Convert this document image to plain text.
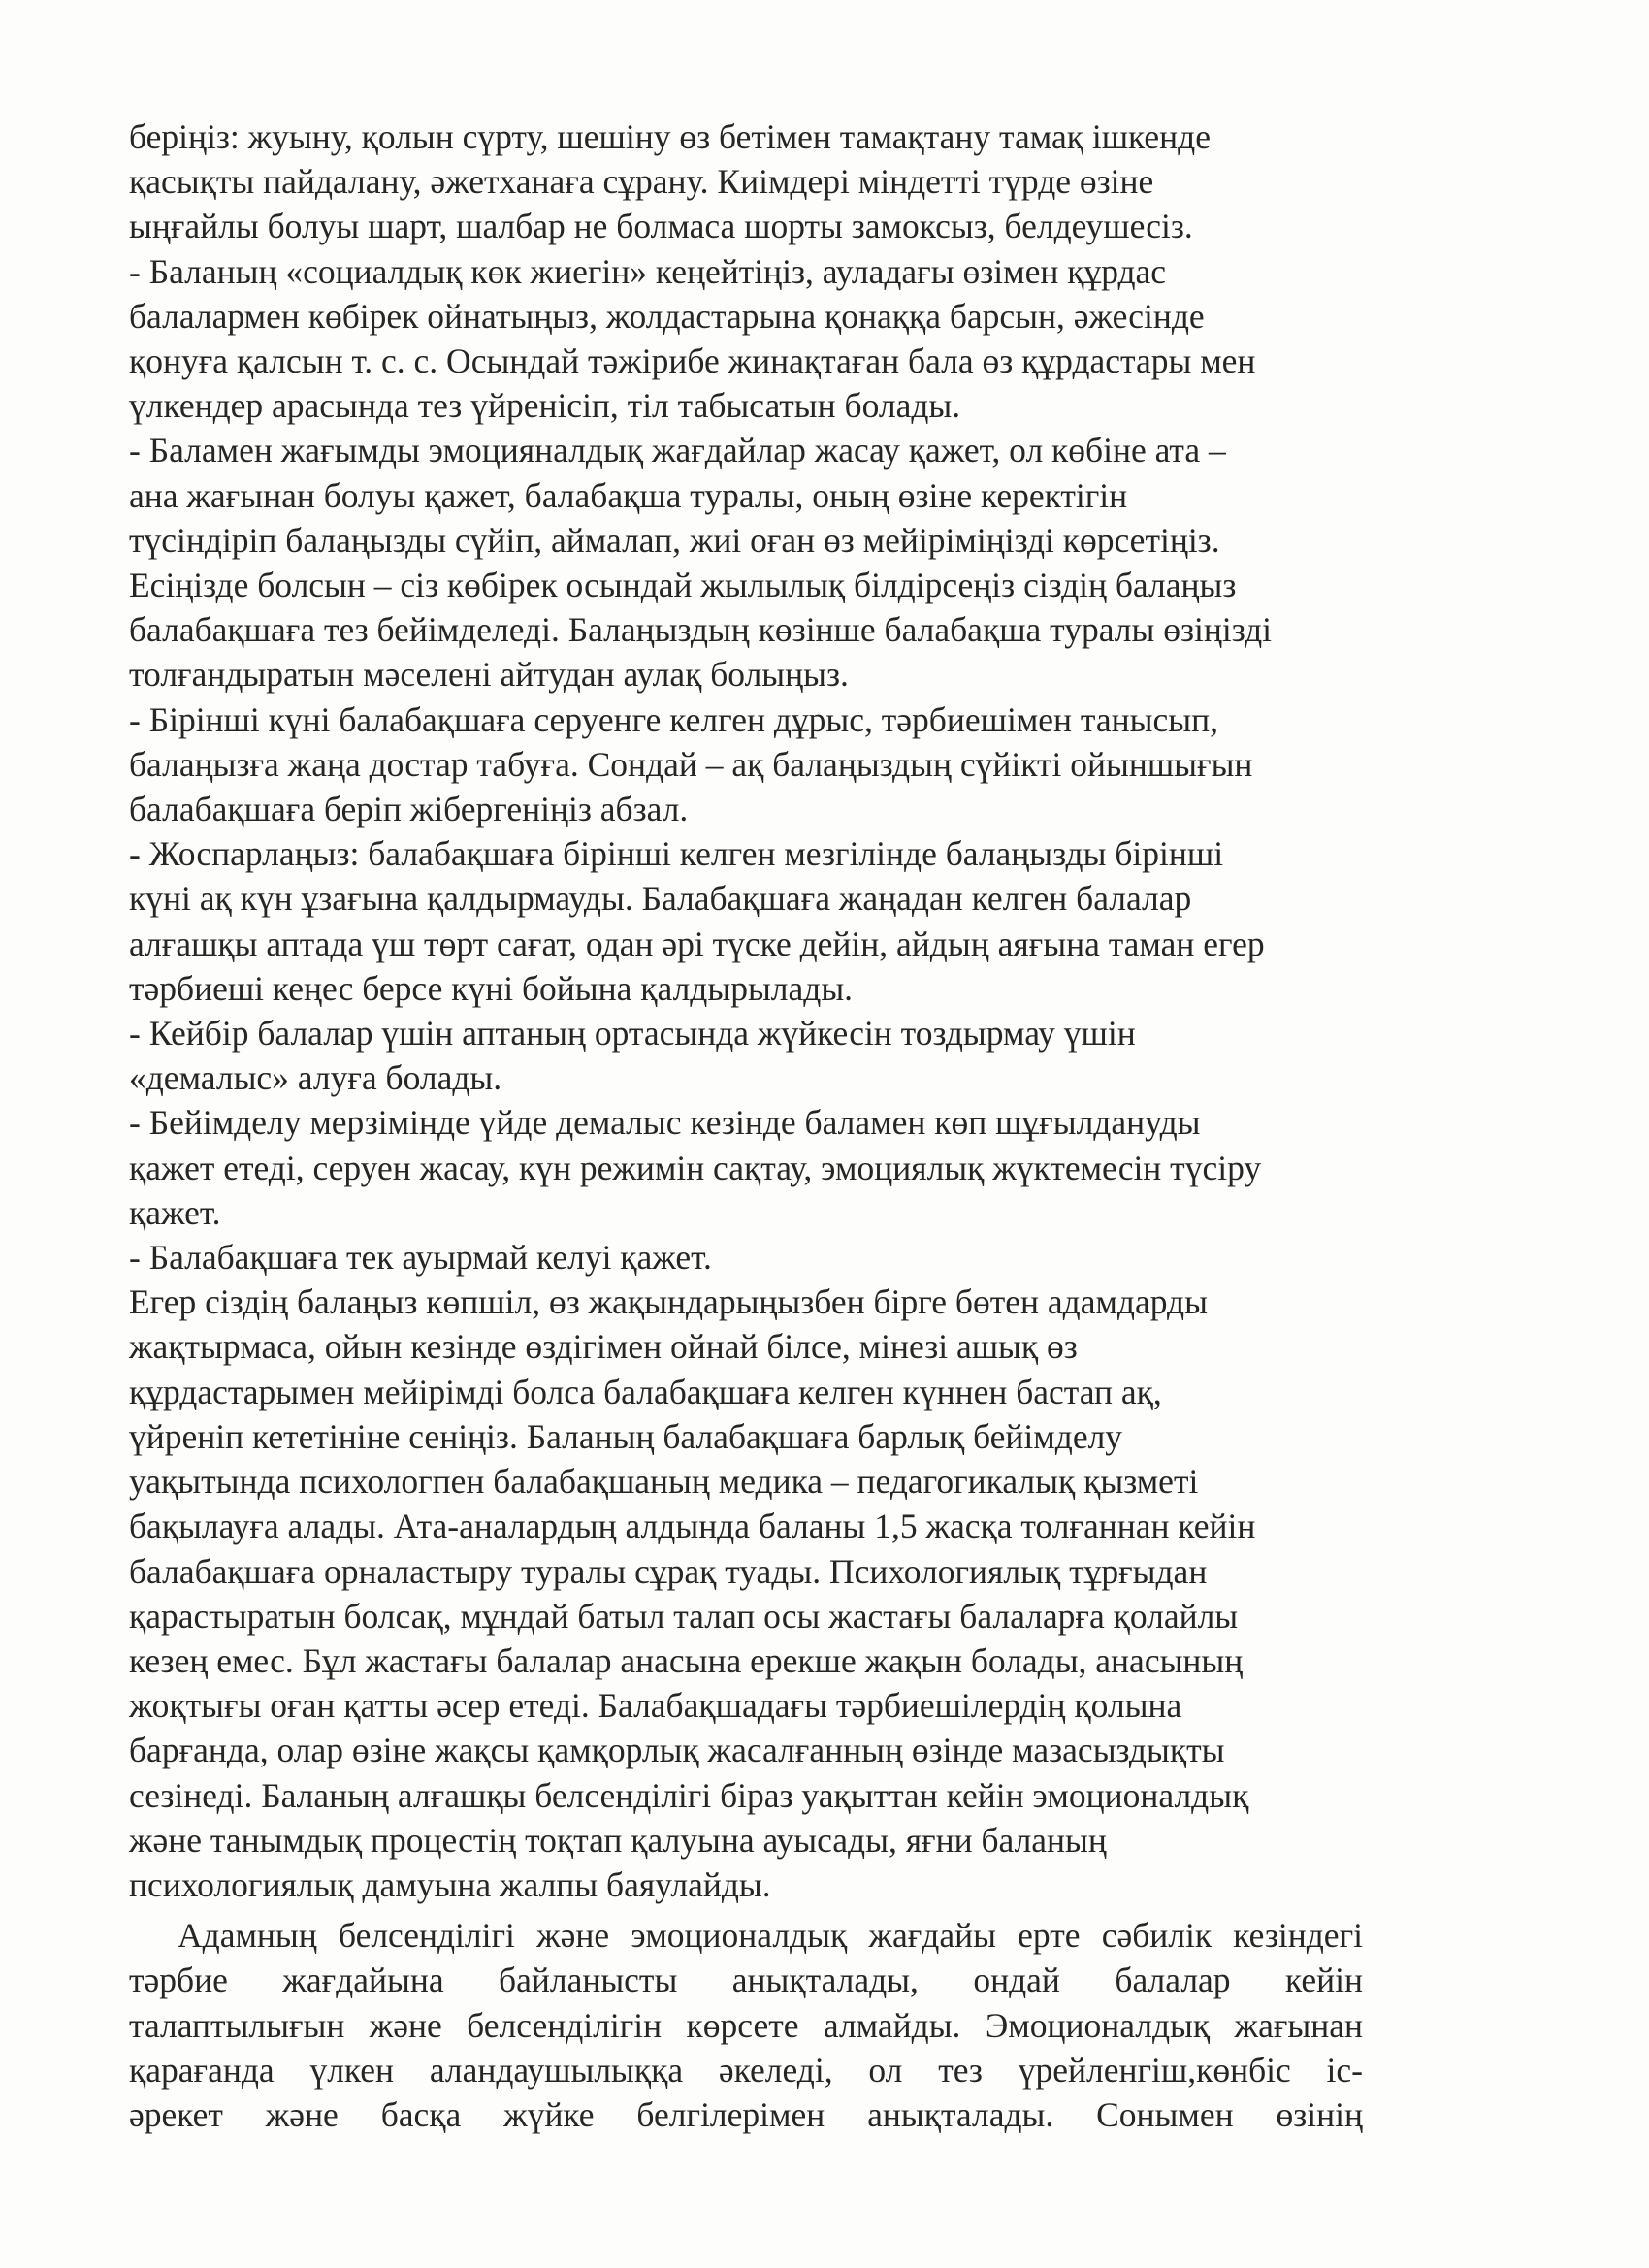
беріңіз: жуыну, қолын сүрту, шешіну өз бетімен тамақтану тамақ ішкенде
қасықты пайдалану, әжетханаға сұрану. Киімдері міндетті түрде өзіне
ыңғайлы болуы шарт, шалбар не болмаса шорты замоксыз, белдеушесіз.
- Баланың «социалдық көк жиегін» кеңейтіңіз, ауладағы өзімен құрдас
балалармен көбірек ойнатыңыз, жолдастарына қонаққа барсын, әжесінде
қонуға қалсын т. с. с. Осындай тәжірибе жинақтаған бала өз құрдастары мен
үлкендер арасында тез үйреніcіп, тіл табысатын болады.
- Баламен жағымды эмоцияналдық жағдайлар жасау қажет, ол көбіне ата –
ана жағынан болуы қажет, балабақша туралы, оның өзіне керектігін
түсіндіріп балаңызды сүйіп, аймалап, жиі оған өз мейіріміңізді көрсетіңіз.
Есіңізде болсын – сіз көбірек осындай жылылық білдірсеңіз сіздің балаңыз
балабақшаға тез бейімделеді. Балаңыздың көзінше балабақша туралы өзіңізді
толғандыратын мәселені айтудан аулақ болыңыз.
- Бірінші күні балабақшаға серуенге келген дұрыс, тәрбиешімен танысып,
балаңызға жаңа достар табуға. Сондай – ақ балаңыздың сүйікті ойыншығын
балабақшаға беріп жібергеніңіз абзал.
- Жоспарлаңыз: балабақшаға бірінші келген мезгілінде балаңызды бірінші
күні ақ күн ұзағына қалдырмауды. Балабақшаға жаңадан келген балалар
алғашқы аптада үш төрт сағат, одан әрі түске дейін, айдың аяғына таман егер
тәрбиеші кеңес берсе күні бойына қалдырылады.
- Кейбір балалар үшін аптаның ортасында жүйкесін тоздырмау үшін
«демалыс» алуға болады.
- Бейімделу мерзімінде үйде демалыс кезінде баламен көп шұғылдануды
қажет етеді, серуен жасау, күн режимін сақтау, эмоциялық жүктемесін түсіру
қажет.
- Балабақшаға тек ауырмай келуі қажет.
Егер сіздің балаңыз көпшіл, өз жақындарыңызбен бірге бөтен адамдарды
жақтырмаса, ойын кезінде өздігімен ойнай білсе, мінезі ашық өз
құрдастарымен мейірімді болса балабақшаға келген күннен бастап ақ,
үйреніп кететініне сеніңіз. Баланың балабақшаға барлық бейімделу
уақытында психологпен балабақшаның медика – педагогикалық қызметі
бақылауға алады. Ата-аналардың алдында баланы 1,5 жасқа толғаннан кейін
балабақшаға орналастыру туралы сұрақ туады. Психологиялық тұрғыдан
қарастыратын болсақ, мұндай батыл талап осы жастағы балаларға қолайлы
кезең емес. Бұл жастағы балалар анасына ерекше жақын болады, анасының
жоқтығы оған қатты әсер етеді. Балабақшадағы тәрбиешілердің қолына
барғанда, олар өзіне жақсы қамқорлық жасалғанның өзінде мазасыздықты
сезінеді. Баланың алғашқы белсенділігі біраз уақыттан кейін эмоционалдық
және танымдық процестің тоқтап қалуына ауысады, яғни баланың
психологиялық дамуына жалпы баяулайды.
Адамның белсенділігі және эмоционалдық жағдайы ерте сәбилік кезіндегі
тәрбие жағдайына байланысты анықталады, ондай балалар кейін
талаптылығын және белсенділігін көрсете алмайды. Эмоционалдық жағынан
қарағанда үлкен аландаушылыққа әкеледі, ол тез үрейленгіш,көнбіс іс-
әрекет және басқа жүйке белгілерімен анықталады. Сонымен өзінің
